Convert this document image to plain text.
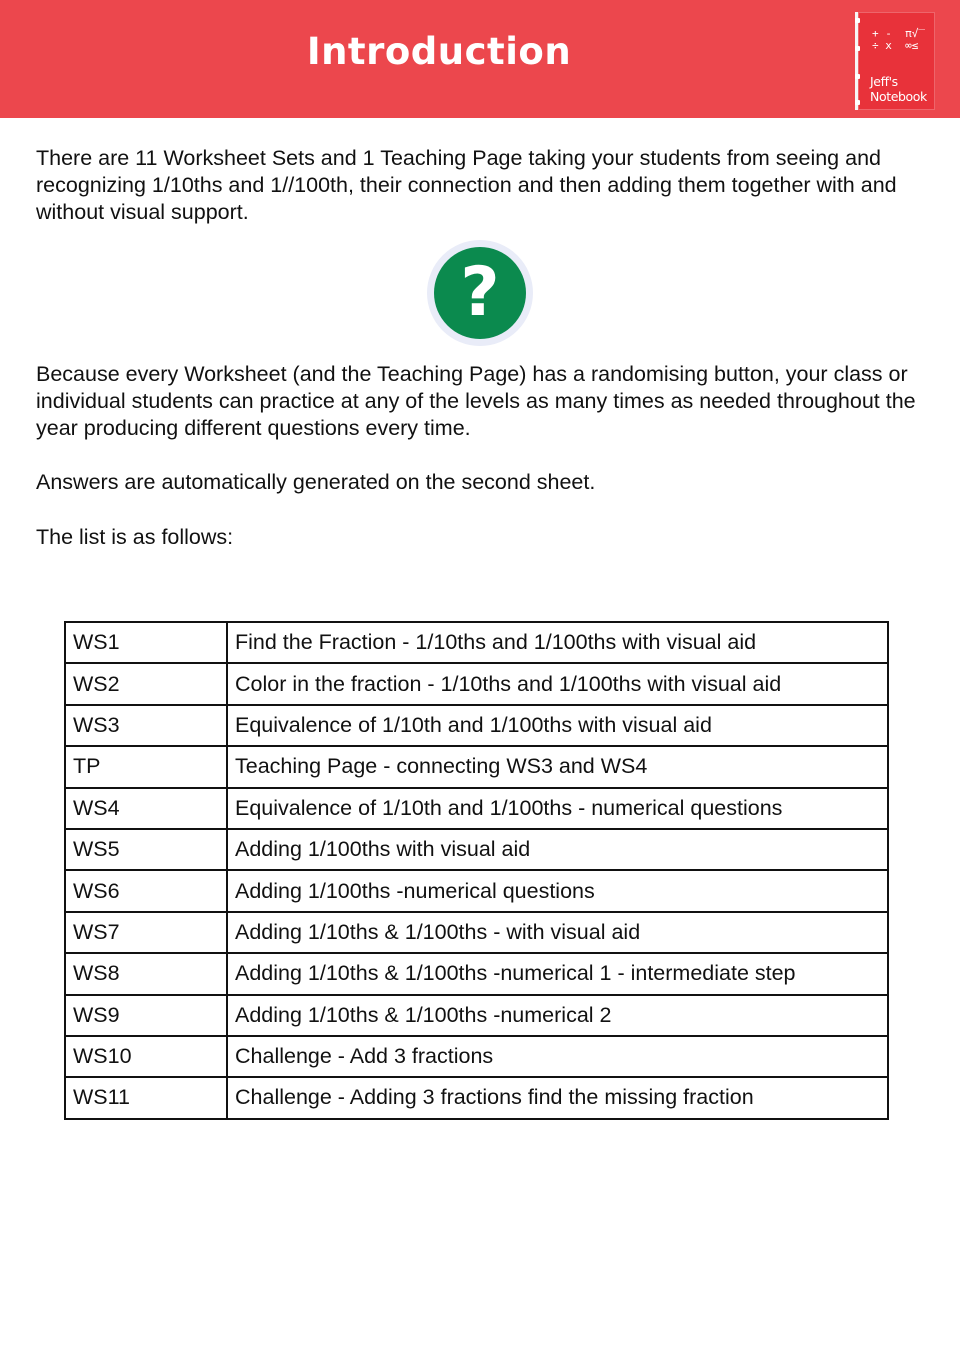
Introduction	+ -  π√‾
÷ x  ∞≤
Jeff's
Notebook

There are 11 Worksheet Sets and 1 Teaching Page taking your students from seeing and recognizing 1/10ths and 1//100th, their connection and then adding them together with and without visual support.

?

Because every Worksheet (and the Teaching Page) has a randomising button, your class or individual students can practice at any of the levels as many times as needed throughout the year producing different questions every time.

Answers are automatically generated on the second sheet.

The list is as follows:

WS1	Find the Fraction - 1/10ths and 1/100ths with visual aid
WS2	Color in the fraction - 1/10ths and 1/100ths with visual aid
WS3	Equivalence of 1/10th and 1/100ths with visual aid
TP	Teaching Page - connecting WS3 and WS4
WS4	Equivalence of 1/10th and 1/100ths - numerical questions
WS5	Adding 1/100ths with visual aid
WS6	Adding 1/100ths -numerical questions
WS7	Adding 1/10ths & 1/100ths - with visual aid
WS8	Adding 1/10ths & 1/100ths -numerical 1 - intermediate step
WS9	Adding 1/10ths & 1/100ths -numerical 2
WS10	Challenge - Add 3 fractions
WS11	Challenge - Adding 3 fractions find the missing fraction
